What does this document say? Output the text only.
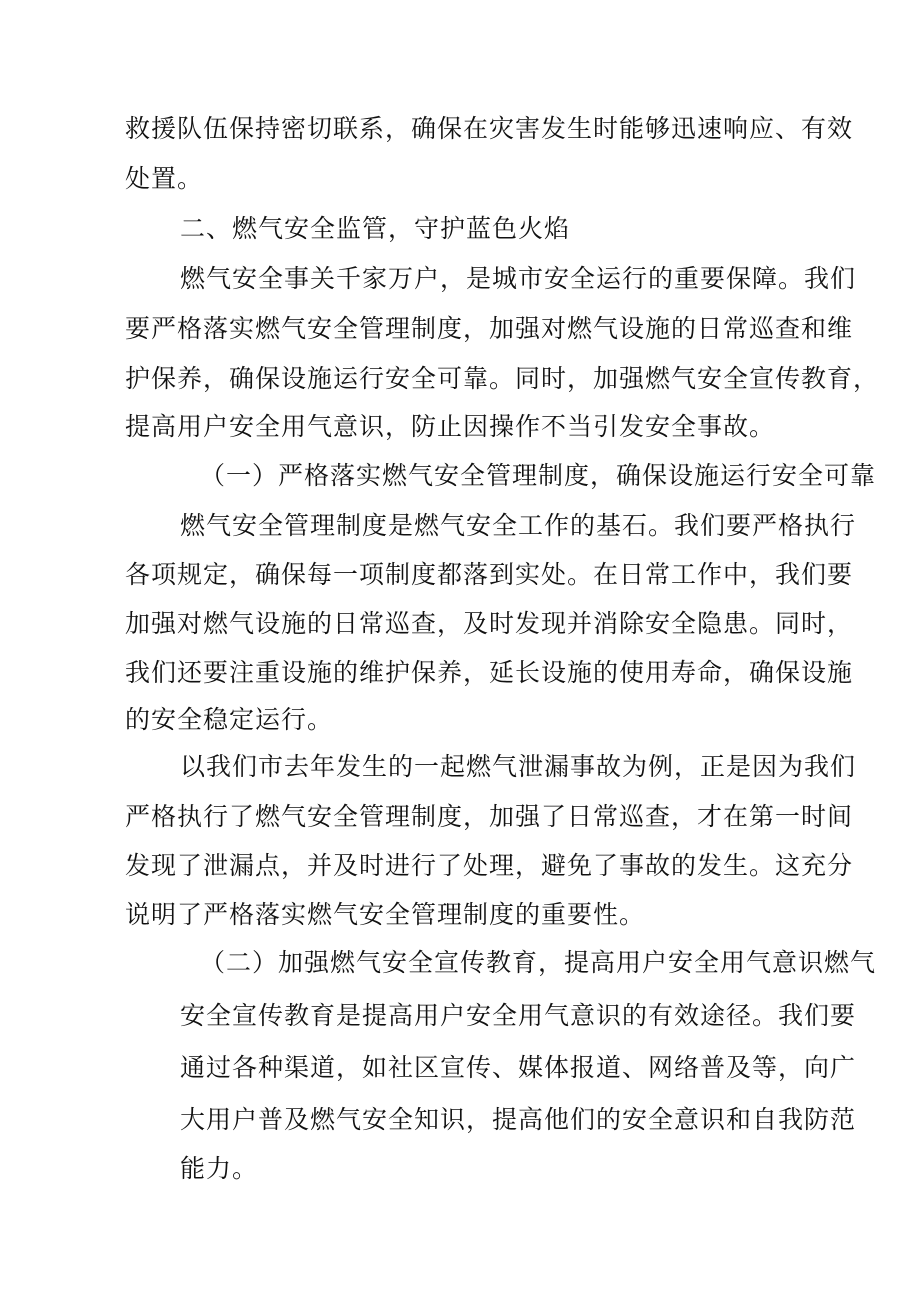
救援队伍保持密切联系，确保在灾害发生时能够迅速响应、有效
处置。
二、燃气安全监管，守护蓝色火焰
燃气安全事关千家万户，是城市安全运行的重要保障。我们
要严格落实燃气安全管理制度，加强对燃气设施的日常巡查和维
护保养，确保设施运行安全可靠。同时，加强燃气安全宣传教育，
提高用户安全用气意识，防止因操作不当引发安全事故。
（一）严格落实燃气安全管理制度，确保设施运行安全可靠
燃气安全管理制度是燃气安全工作的基石。我们要严格执行
各项规定，确保每一项制度都落到实处。在日常工作中，我们要
加强对燃气设施的日常巡查，及时发现并消除安全隐患。同时，
我们还要注重设施的维护保养，延长设施的使用寿命，确保设施
的安全稳定运行。
以我们市去年发生的一起燃气泄漏事故为例，正是因为我们
严格执行了燃气安全管理制度，加强了日常巡查，才在第一时间
发现了泄漏点，并及时进行了处理，避免了事故的发生。这充分
说明了严格落实燃气安全管理制度的重要性。
（二）加强燃气安全宣传教育，提高用户安全用气意识燃气
安全宣传教育是提高用户安全用气意识的有效途径。我们要
通过各种渠道，如社区宣传、媒体报道、网络普及等，向广
大用户普及燃气安全知识，提高他们的安全意识和自我防范
能力。
